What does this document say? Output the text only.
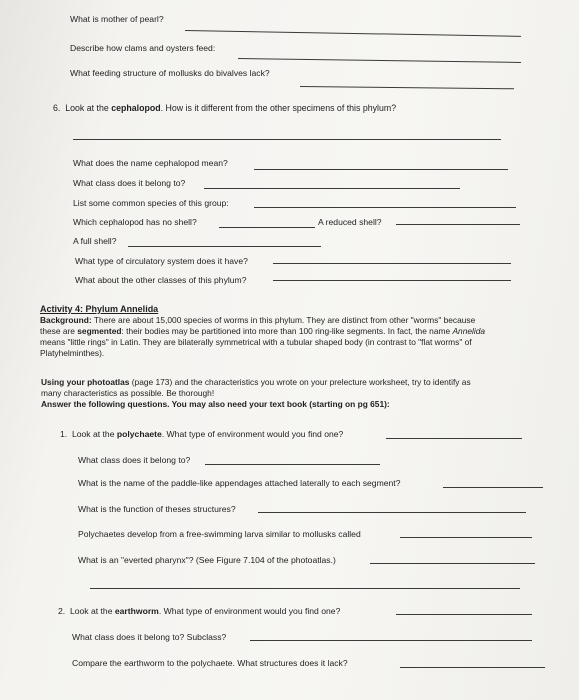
What is mother of pearl?
Describe how clams and oysters feed:
What feeding structure of mollusks do bivalves lack?
6. Look at the cephalopod. How is it different from the other specimens of this phylum?
What does the name cephalopod mean?
What class does it belong to?
List some common species of this group:
Which cephalopod has no shell?	A reduced shell?
A full shell?
What type of circulatory system does it have?
What about the other classes of this phylum?
Activity 4: Phylum Annelida
Background: There are about 15,000 species of worms in this phylum. They are distinct from other "worms" because
these are segmented: their bodies may be partitioned into more than 100 ring-like segments. In fact, the name Annelida
means "little rings" in Latin. They are bilaterally symmetrical with a tubular shaped body (in contrast to "flat worms" of
Platyhelminthes).
Using your photoatlas (page 173) and the characteristics you wrote on your prelecture worksheet, try to identify as
many characteristics as possible. Be thorough!
Answer the following questions. You may also need your text book (starting on pg 651):
1. Look at the polychaete. What type of environment would you find one?
What class does it belong to?
What is the name of the paddle-like appendages attached laterally to each segment?
What is the function of theses structures?
Polychaetes develop from a free-swimming larva similar to mollusks called
What is an "everted pharynx"? (See Figure 7.104 of the photoatlas.)
2. Look at the earthworm. What type of environment would you find one?
What class does it belong to? Subclass?
Compare the earthworm to the polychaete. What structures does it lack?
